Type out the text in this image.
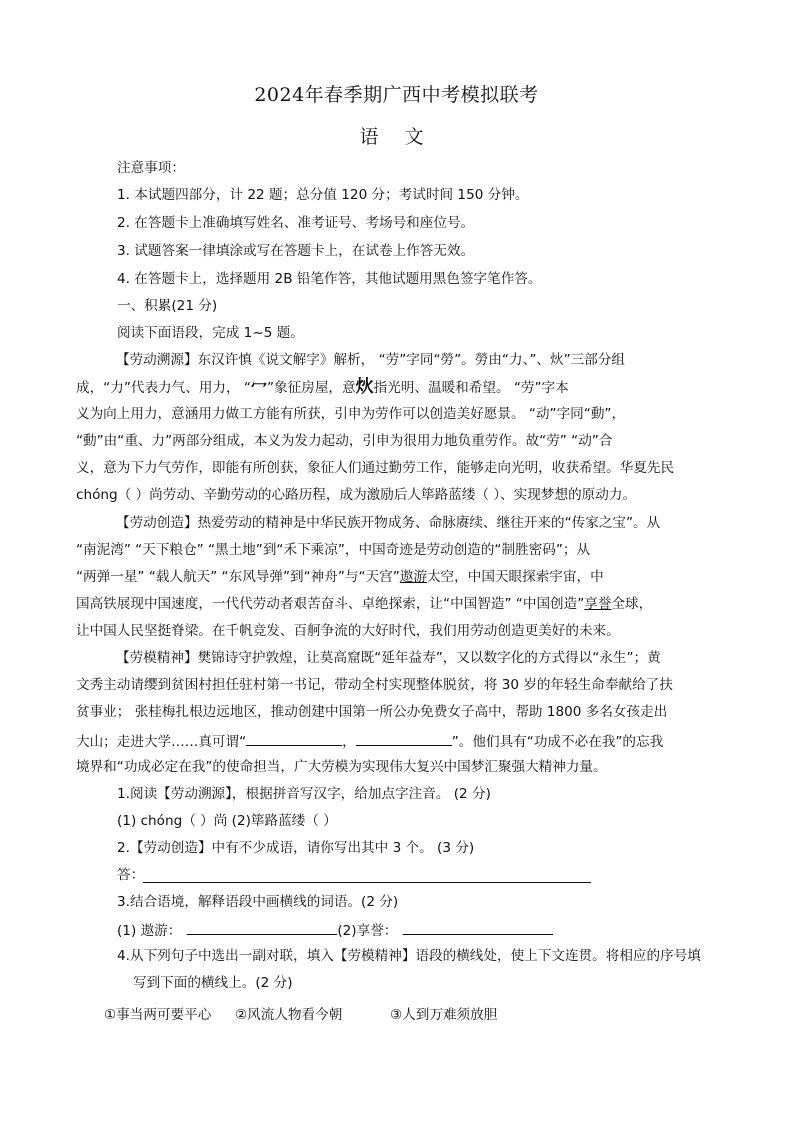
2024年春季期广西中考模拟联考
语 文
注意事项：
1. 本试题四部分，计 22 题；总分值 120 分；考试时间 150 分钟。
2. 在答题卡上准确填写姓名、准考证号、考场号和座位号。
3. 试题答案一律填涂或写在答题卡上，在试卷上作答无效。
4. 在答题卡上，选择题用 2B 铅笔作答，其他试题用黑色签字笔作答。
一、积累(21 分)
阅读下面语段，完成 1~5 题。
【劳动溯源】东汉许慎《说文解字》解析， “劳”字同“勞”。勞由“力、”、炏”三部分组
成，“力”代表力气、用力， “冖”象征房屋，意炏指光明、温暖和希望。 “劳”字本
义为向上用力，意涵用力做工方能有所获，引申为劳作可以创造美好愿景。 “动”字同“動”，
“動”由“重、力”两部分组成，本义为发力起动，引申为很用力地负重劳作。故“劳” “动”合
义，意为下力气劳作，即能有所创获，象征人们通过勤劳工作，能够走向光明，收获希望。华夏先民
chóng（ ）尚劳动、辛勤劳动的心路历程，成为激励后人筚路蓝缕（ ）、实现梦想的原动力。
【劳动创造】热爱劳动的精神是中华民族开物成务、命脉赓续、继往开来的“传家之宝”。从
“南泥湾” “天下粮仓” “黑土地”到“禾下乘凉”，中国奇迹是劳动创造的“制胜密码”；从
“两弹一星” “载人航天” “东风导弹”到“神舟”与“天宫”遨游太空，中国天眼探索宇宙，中
国高铁展现中国速度，一代代劳动者艰苦奋斗、卓绝探索，让“中国智造” “中国创造”享誉全球，
让中国人民坚挺脊梁。在千帆竞发、百舸争流的大好时代，我们用劳动创造更美好的未来。
【劳模精神】樊锦诗守护敦煌，让莫高窟既“延年益寿”，又以数字化的方式得以“永生”；黄
文秀主动请缨到贫困村担任驻村第一书记，带动全村实现整体脱贫，将 30 岁的年轻生命奉献给了扶
贫事业； 张桂梅扎根边远地区，推动创建中国第一所公办免费女子高中，帮助 1800 多名女孩走出
大山；走进大学……真可谓“	，	”。他们具有“功成不必在我”的忘我
境界和“功成必定在我”的使命担当，广大劳模为实现伟大复兴中国梦汇聚强大精神力量。
1.阅读【劳动溯源】，根据拼音写汉字，给加点字注音。 (2 分)
(1) chóng（ ）尚 (2)筚路蓝缕（ ）
2.【劳动创造】中有不少成语，请你写出其中 3 个。 (3 分)
答：
3.结合语境，解释语段中画横线的词语。(2 分)
(1) 遨游：	(2)享誉：
4.从下列句子中选出一副对联，填入【劳模精神】语段的横线处，使上下文连贯。将相应的序号填
写到下面的横线上。(2 分)
①事当两可要平心 ②风流人物看今朝	③人到万难须放胆
